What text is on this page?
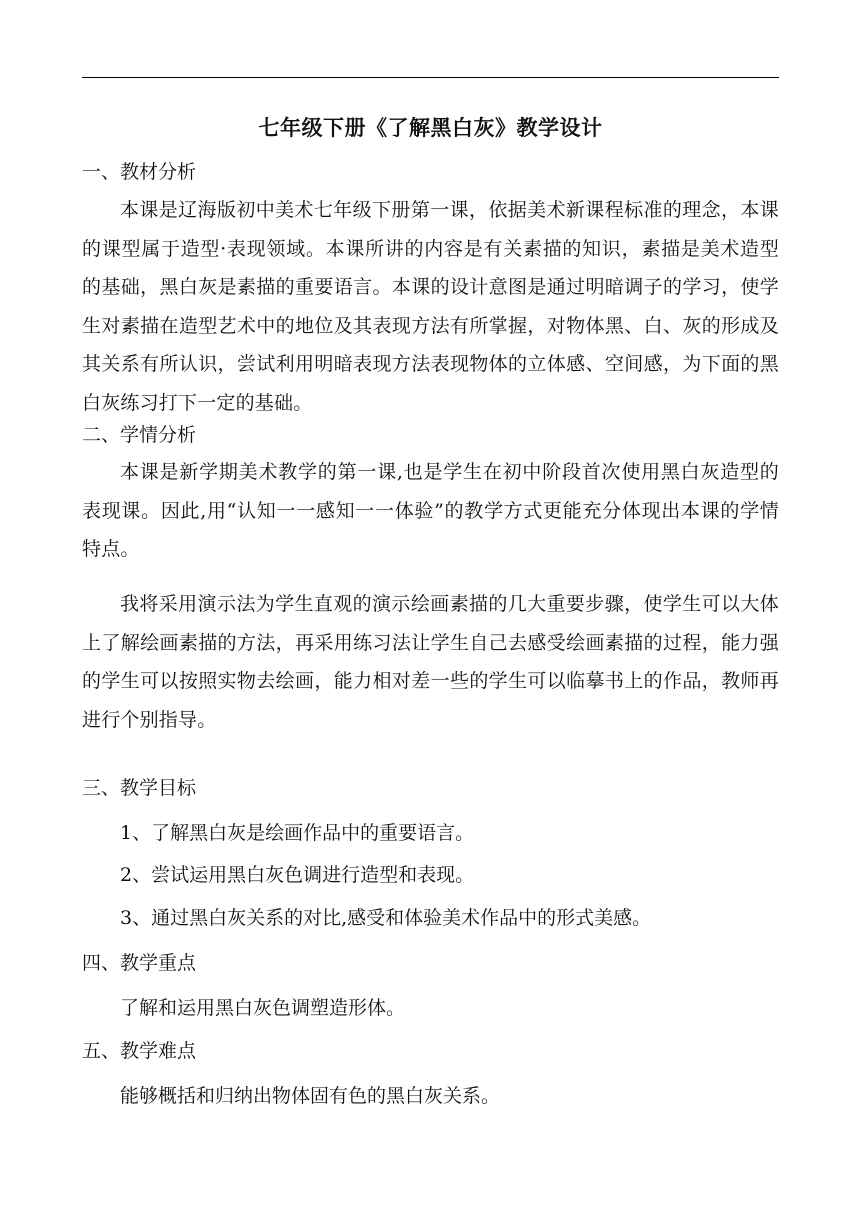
七年级下册《了解黑白灰》教学设计
一、教材分析
本课是辽海版初中美术七年级下册第一课，依据美术新课程标准的理念，本课的课型属于造型·表现领域。本课所讲的内容是有关素描的知识，素描是美术造型的基础，黑白灰是素描的重要语言。本课的设计意图是通过明暗调子的学习，使学生对素描在造型艺术中的地位及其表现方法有所掌握，对物体黑、白、灰的形成及其关系有所认识，尝试利用明暗表现方法表现物体的立体感、空间感，为下面的黑白灰练习打下一定的基础。
二、学情分析
本课是新学期美术教学的第一课,也是学生在初中阶段首次使用黑白灰造型的表现课。因此,用“认知一一感知一一体验”的教学方式更能充分体现出本课的学情特点。
我将采用演示法为学生直观的演示绘画素描的几大重要步骤，使学生可以大体上了解绘画素描的方法，再采用练习法让学生自己去感受绘画素描的过程，能力强的学生可以按照实物去绘画，能力相对差一些的学生可以临摹书上的作品，教师再进行个别指导。
三、教学目标
1、了解黑白灰是绘画作品中的重要语言。
2、尝试运用黑白灰色调进行造型和表现。
3、通过黑白灰关系的对比,感受和体验美术作品中的形式美感。
四、教学重点
了解和运用黑白灰色调塑造形体。
五、教学难点
能够概括和归纳出物体固有色的黑白灰关系。
